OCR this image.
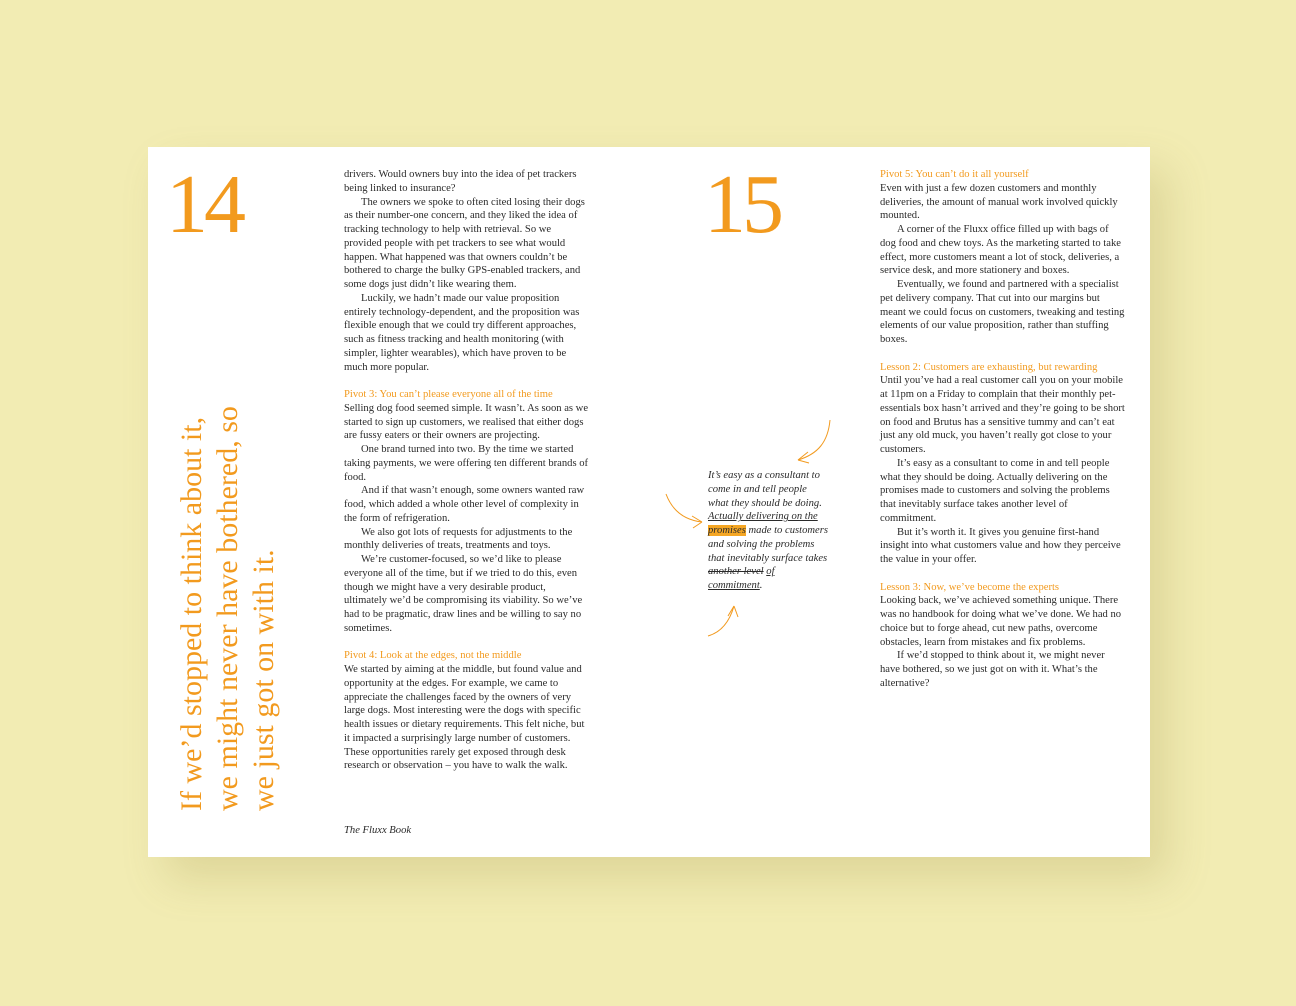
14
If we’d stopped to think about it, we might never have bothered, so we just got on with it.

drivers. Would owners buy into the idea of pet trackers being linked to insurance?

The owners we spoke to often cited losing their dogs as their number-one concern, and they liked the idea of tracking technology to help with retrieval. So we provided people with pet trackers to see what would happen. What happened was that owners couldn’t be bothered to charge the bulky GPS-enabled trackers, and some dogs just didn’t like wearing them.

Luckily, we hadn’t made our value proposition entirely technology-dependent, and the proposition was flexible enough that we could try different approaches, such as fitness tracking and health monitoring (with simpler, lighter wearables), which have proven to be much more popular.

Pivot 3: You can’t please everyone all of the time

Selling dog food seemed simple. It wasn’t. As soon as we started to sign up customers, we realised that either dogs are fussy eaters or their owners are projecting.

One brand turned into two. By the time we started taking payments, we were offering ten different brands of food.

And if that wasn’t enough, some owners wanted raw food, which added a whole other level of complexity in the form of refrigeration.

We also got lots of requests for adjustments to the monthly deliveries of treats, treatments and toys.

We’re customer-focused, so we’d like to please everyone all of the time, but if we tried to do this, even though we might have a very desirable product, ultimately we’d be compromising its viability. So we’ve had to be pragmatic, draw lines and be willing to say no sometimes.

Pivot 4: Look at the edges, not the middle

We started by aiming at the middle, but found value and opportunity at the edges. For example, we came to appreciate the challenges faced by the owners of very large dogs. Most interesting were the dogs with specific health issues or dietary requirements. This felt niche, but it impacted a surprisingly large number of customers. These opportunities rarely get exposed through desk research or observation – you have to walk the walk.

The Fluxx Book
15
It’s easy as a consultant to come in and tell people what they should be doing. Actually delivering on the promises made to customers and solving the problems that inevitably surface takes another level of commitment.

Pivot 5: You can’t do it all yourself

Even with just a few dozen customers and monthly deliveries, the amount of manual work involved quickly mounted.

A corner of the Fluxx office filled up with bags of dog food and chew toys. As the marketing started to take effect, more customers meant a lot of stock, deliveries, a service desk, and more stationery and boxes.

Eventually, we found and partnered with a specialist pet delivery company. That cut into our margins but meant we could focus on customers, tweaking and testing elements of our value proposition, rather than stuffing boxes.

Lesson 2: Customers are exhausting, but rewarding

Until you’ve had a real customer call you on your mobile at 11pm on a Friday to complain that their monthly pet-essentials box hasn’t arrived and they’re going to be short on food and Brutus has a sensitive tummy and can’t eat just any old muck, you haven’t really got close to your customers.

It’s easy as a consultant to come in and tell people what they should be doing. Actually delivering on the promises made to customers and solving the problems that inevitably surface takes another level of commitment.

But it’s worth it. It gives you genuine first-hand insight into what customers value and how they perceive the value in your offer.

Lesson 3: Now, we’ve become the experts

Looking back, we’ve achieved something unique. There was no handbook for doing what we’ve done. We had no choice but to forge ahead, cut new paths, overcome obstacles, learn from mistakes and fix problems.

If we’d stopped to think about it, we might never have bothered, so we just got on with it. What’s the alternative?
